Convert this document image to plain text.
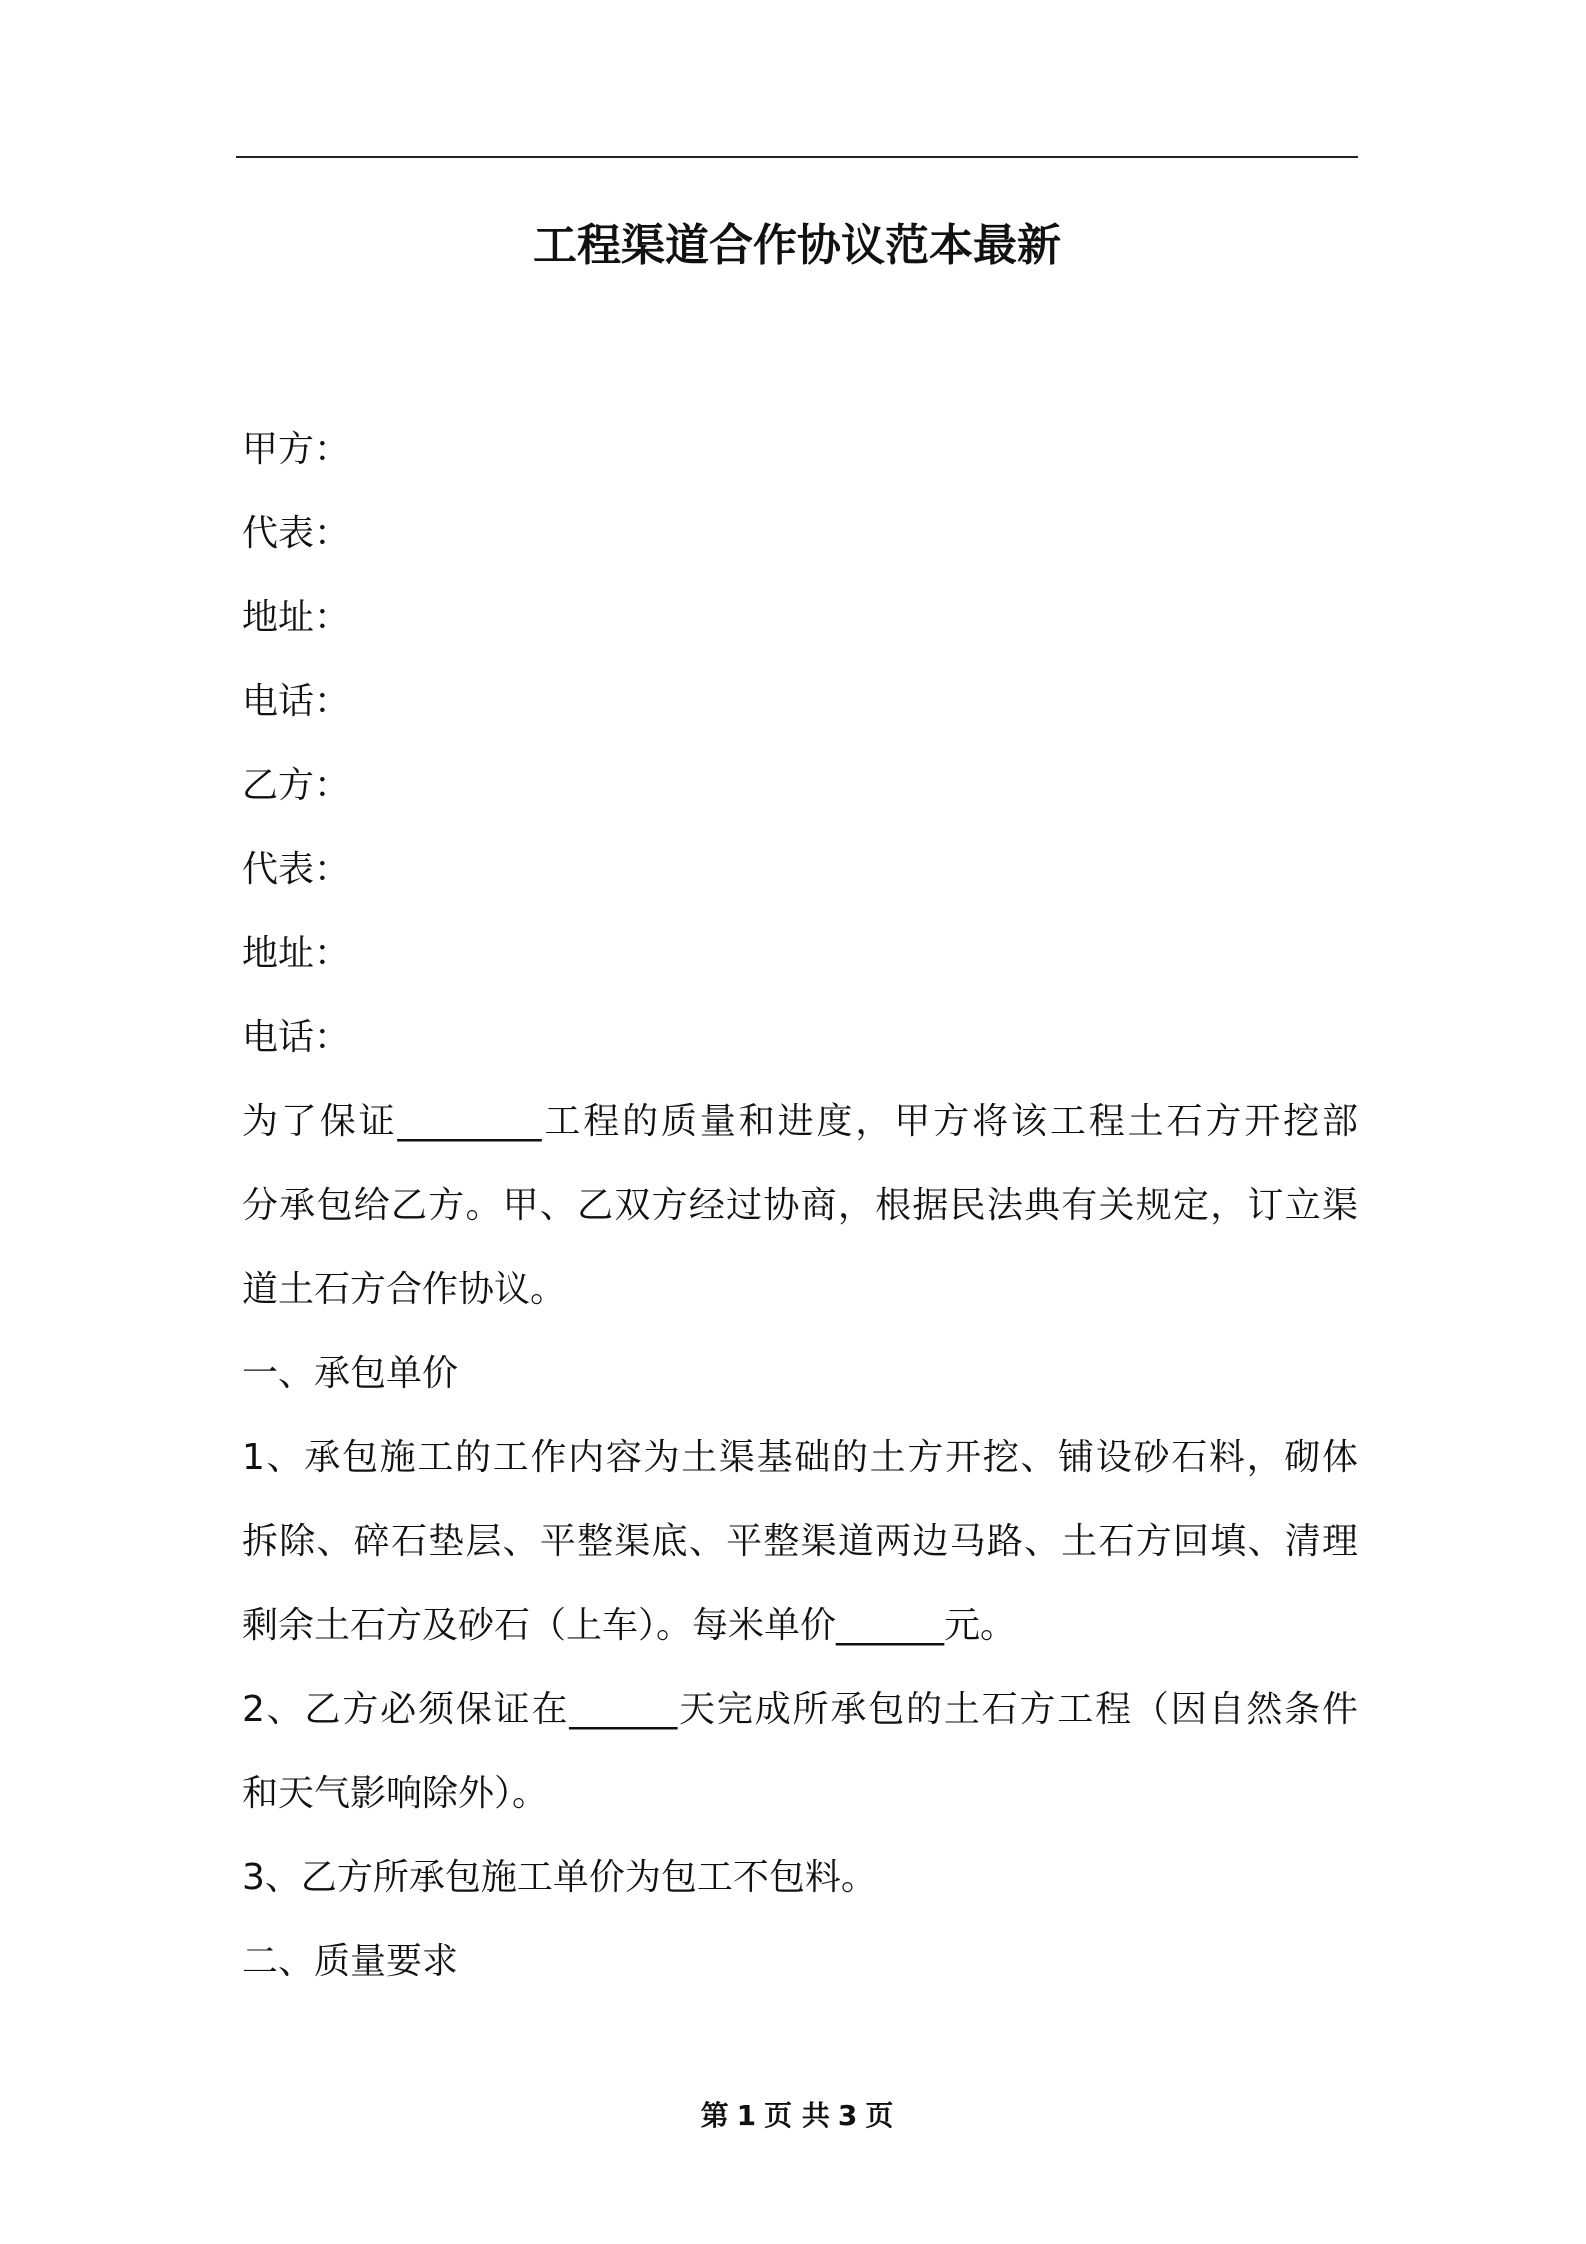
工程渠道合作协议范本最新
甲方：
代表：
地址：
电话：
乙方：
代表：
地址：
电话：
为了保证________工程的质量和进度，甲方将该工程土石方开挖部
分承包给乙方。甲、乙双方经过协商，根据民法典有关规定，订立渠
道土石方合作协议。
一、承包单价
1、承包施工的工作内容为土渠基础的土方开挖、铺设砂石料，砌体
拆除、碎石垫层、平整渠底、平整渠道两边马路、土石方回填、清理
剩余土石方及砂石（上车）。每米单价______元。
2、乙方必须保证在______天完成所承包的土石方工程（因自然条件
和天气影响除外）。
3、乙方所承包施工单价为包工不包料。
二、质量要求
第 1 页 共 3 页
